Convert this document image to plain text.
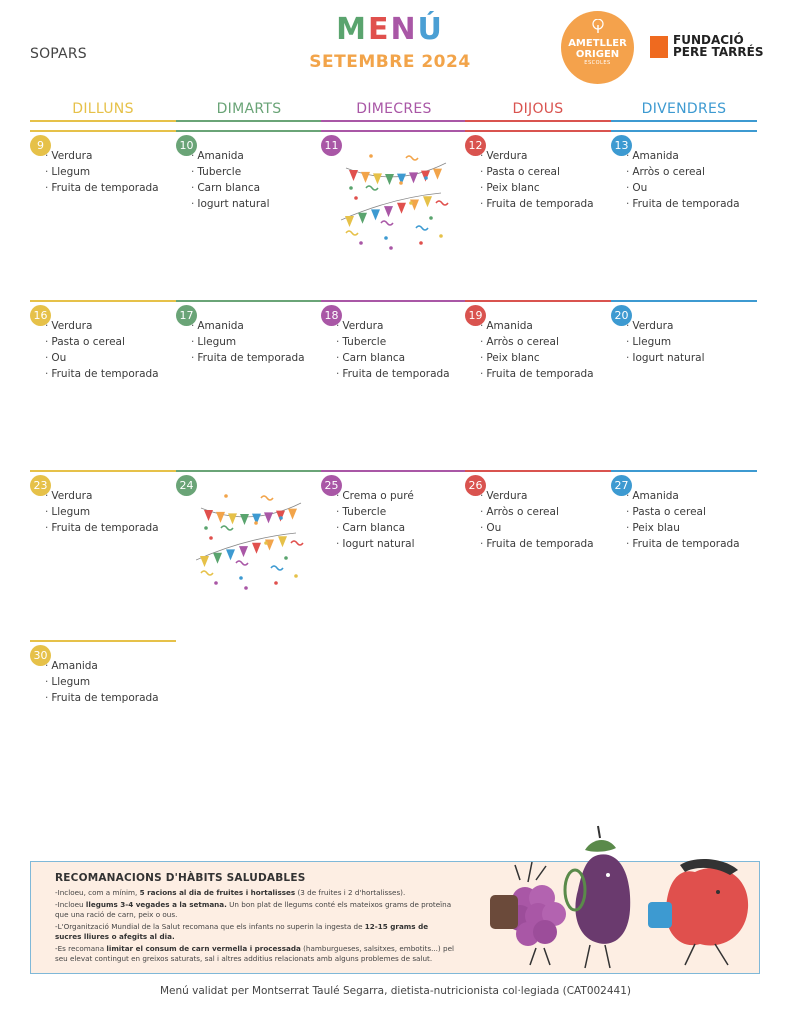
SOPARS
MENÚ
SETEMBRE 2024
AMETLLER
ORIGEN
ESCOLES
FUNDACIÓ
PERE TARRÉS
DILLUNS	DIMARTS	DIMECRES	DIJOUS	DIVENDRES
9
· Verdura
· Llegum
· Fruita de temporada
10
· Amanida
· Tubercle
· Carn blanca
· Iogurt natural
11	12
· Verdura
· Pasta o cereal
· Peix blanc
· Fruita de temporada
13
· Amanida
· Arròs o cereal
· Ou
· Fruita de temporada
16
· Verdura
· Pasta o cereal
· Ou
· Fruita de temporada
17
· Amanida
· Llegum
· Fruita de temporada
18
· Verdura
· Tubercle
· Carn blanca
· Fruita de temporada
19
· Amanida
· Arròs o cereal
· Peix blanc
· Fruita de temporada
20
· Verdura
· Llegum
· Iogurt natural
23
· Verdura
· Llegum
· Fruita de temporada
24	25
· Crema o puré
· Tubercle
· Carn blanca
· Iogurt natural
26
· Verdura
· Arròs o cereal
· Ou
· Fruita de temporada
27
· Amanida
· Pasta o cereal
· Peix blau
· Fruita de temporada
30
· Amanida
· Llegum
· Fruita de temporada
RECOMANACIONS D'HÀBITS SALUDABLES

-Incloeu, com a mínim, 5 racions al dia de fruites i hortalisses (3 de fruites i 2 d'hortalisses).

-Incloeu llegums 3-4 vegades a la setmana. Un bon plat de llegums conté els mateixos grams de proteïna que una ració de carn, peix o ous.

-L'Organització Mundial de la Salut recomana que els infants no superin la ingesta de 12-15 grams de sucres lliures o afegits al dia.

-Es recomana limitar el consum de carn vermella i processada (hamburgueses, salsitxes, embotits...) pel seu elevat contingut en greixos saturats, sal i altres additius relacionats amb alguns problemes de salut.

Menú validat per Montserrat Taulé Segarra, dietista-nutricionista col·legiada (CAT002441)
